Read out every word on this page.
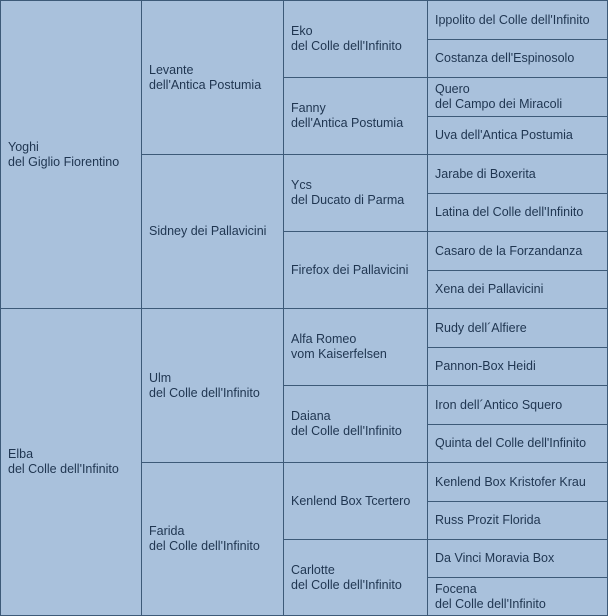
Yoghi
del Giglio Fiorentino
Elba
del Colle dell'Infinito
Levante
dell'Antica Postumia
Sidney dei Pallavicini
Ulm
del Colle dell'Infinito
Farida
del Colle dell'Infinito
Eko
del Colle dell'Infinito
Fanny
dell'Antica Postumia
Ycs
del Ducato di Parma
Firefox dei Pallavicini
Alfa Romeo
vom Kaiserfelsen
Daiana
del Colle dell'Infinito
Kenlend Box Tcertero
Carlotte
del Colle dell'Infinito
Ippolito del Colle dell'Infinito
Costanza dell'Espinosolo
Quero
del Campo dei Miracoli
Uva dell'Antica Postumia
Jarabe di Boxerita
Latina del Colle dell'Infinito
Casaro de la Forzandanza
Xena dei Pallavicini
Rudy dell´Alfiere
Pannon-Box Heidi
Iron dell´Antico Squero
Quinta del Colle dell'Infinito
Kenlend Box Kristofer Krau
Russ Prozit Florida
Da Vinci Moravia Box
Focena
del Colle dell'Infinito
